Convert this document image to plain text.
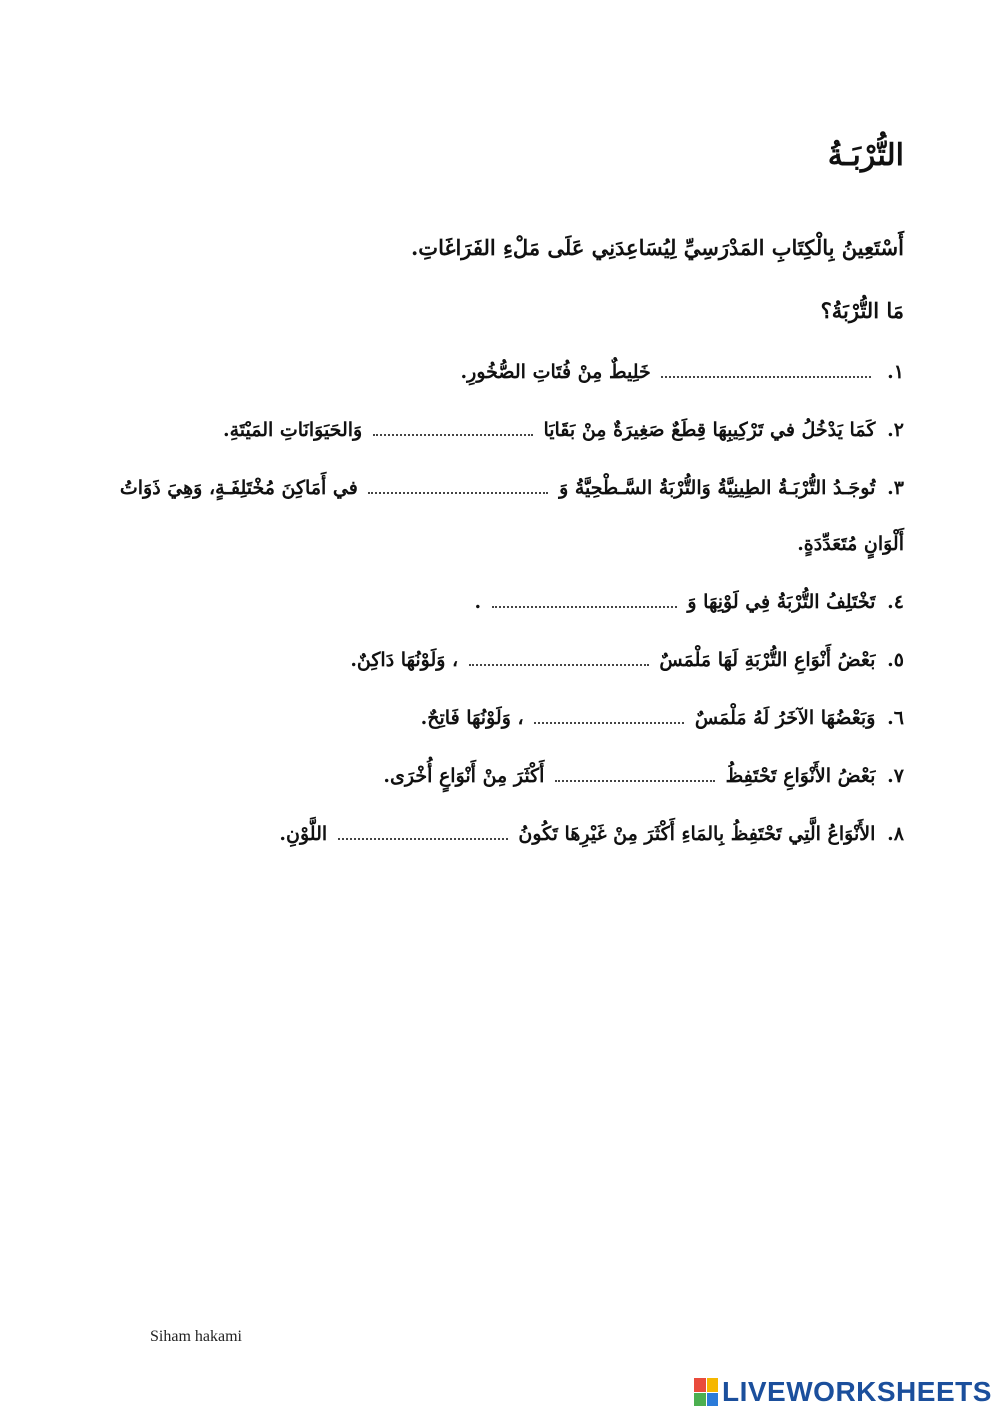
التُّرْبَـةُ
أَسْتَعِينُ بِالْكِتَابِ المَدْرَسِيِّ لِيُسَاعِدَنِي عَلَى مَلْءِ الفَرَاغَاتِ.
مَا التُّرْبَةُ؟
١.  خَلِيطٌ مِنْ فُتَاتِ الصُّخُورِ.
٢. كَمَا يَدْخُلُ في تَرْكِيبِهَا قِطَعٌ صَغِيرَةٌ مِنْ بَقَايَا  وَالحَيَوَانَاتِ المَيْتَةِ.
٣. تُوجَـدُ التُّرْبَـةُ الطِينِيَّةُ وَالتُّرْبَةُ السَّـطْحِيَّةُ وَ  في أَمَاكِنَ مُخْتَلِفَـةٍ، وَهِيَ ذَوَاتُ
أَلْوَانٍ مُتَعَدِّدَةٍ.
٤. تَخْتَلِفُ التُّرْبَةُ فِي لَوْنِهَا وَ  .
٥. بَعْضُ أَنْوَاعِ التُّرْبَةِ لَهَا مَلْمَسٌ  ، وَلَوْنُهَا دَاكِنٌ.
٦. وَبَعْضُهَا الآخَرُ لَهُ مَلْمَسٌ  ، وَلَوْنُهَا فَاتِحٌ.
٧. بَعْضُ الأَنْوَاعِ تَحْتَفِظُ  أَكْثَرَ مِنْ أَنْوَاعٍ أُخْرَى.
٨. الأَنْوَاعُ الَّتِي تَحْتَفِظُ بِالمَاءِ أَكْثَرَ مِنْ غَيْرِهَا تَكُونُ  اللَّوْنِ.
Siham hakami
LIVEWORKSHEETS
